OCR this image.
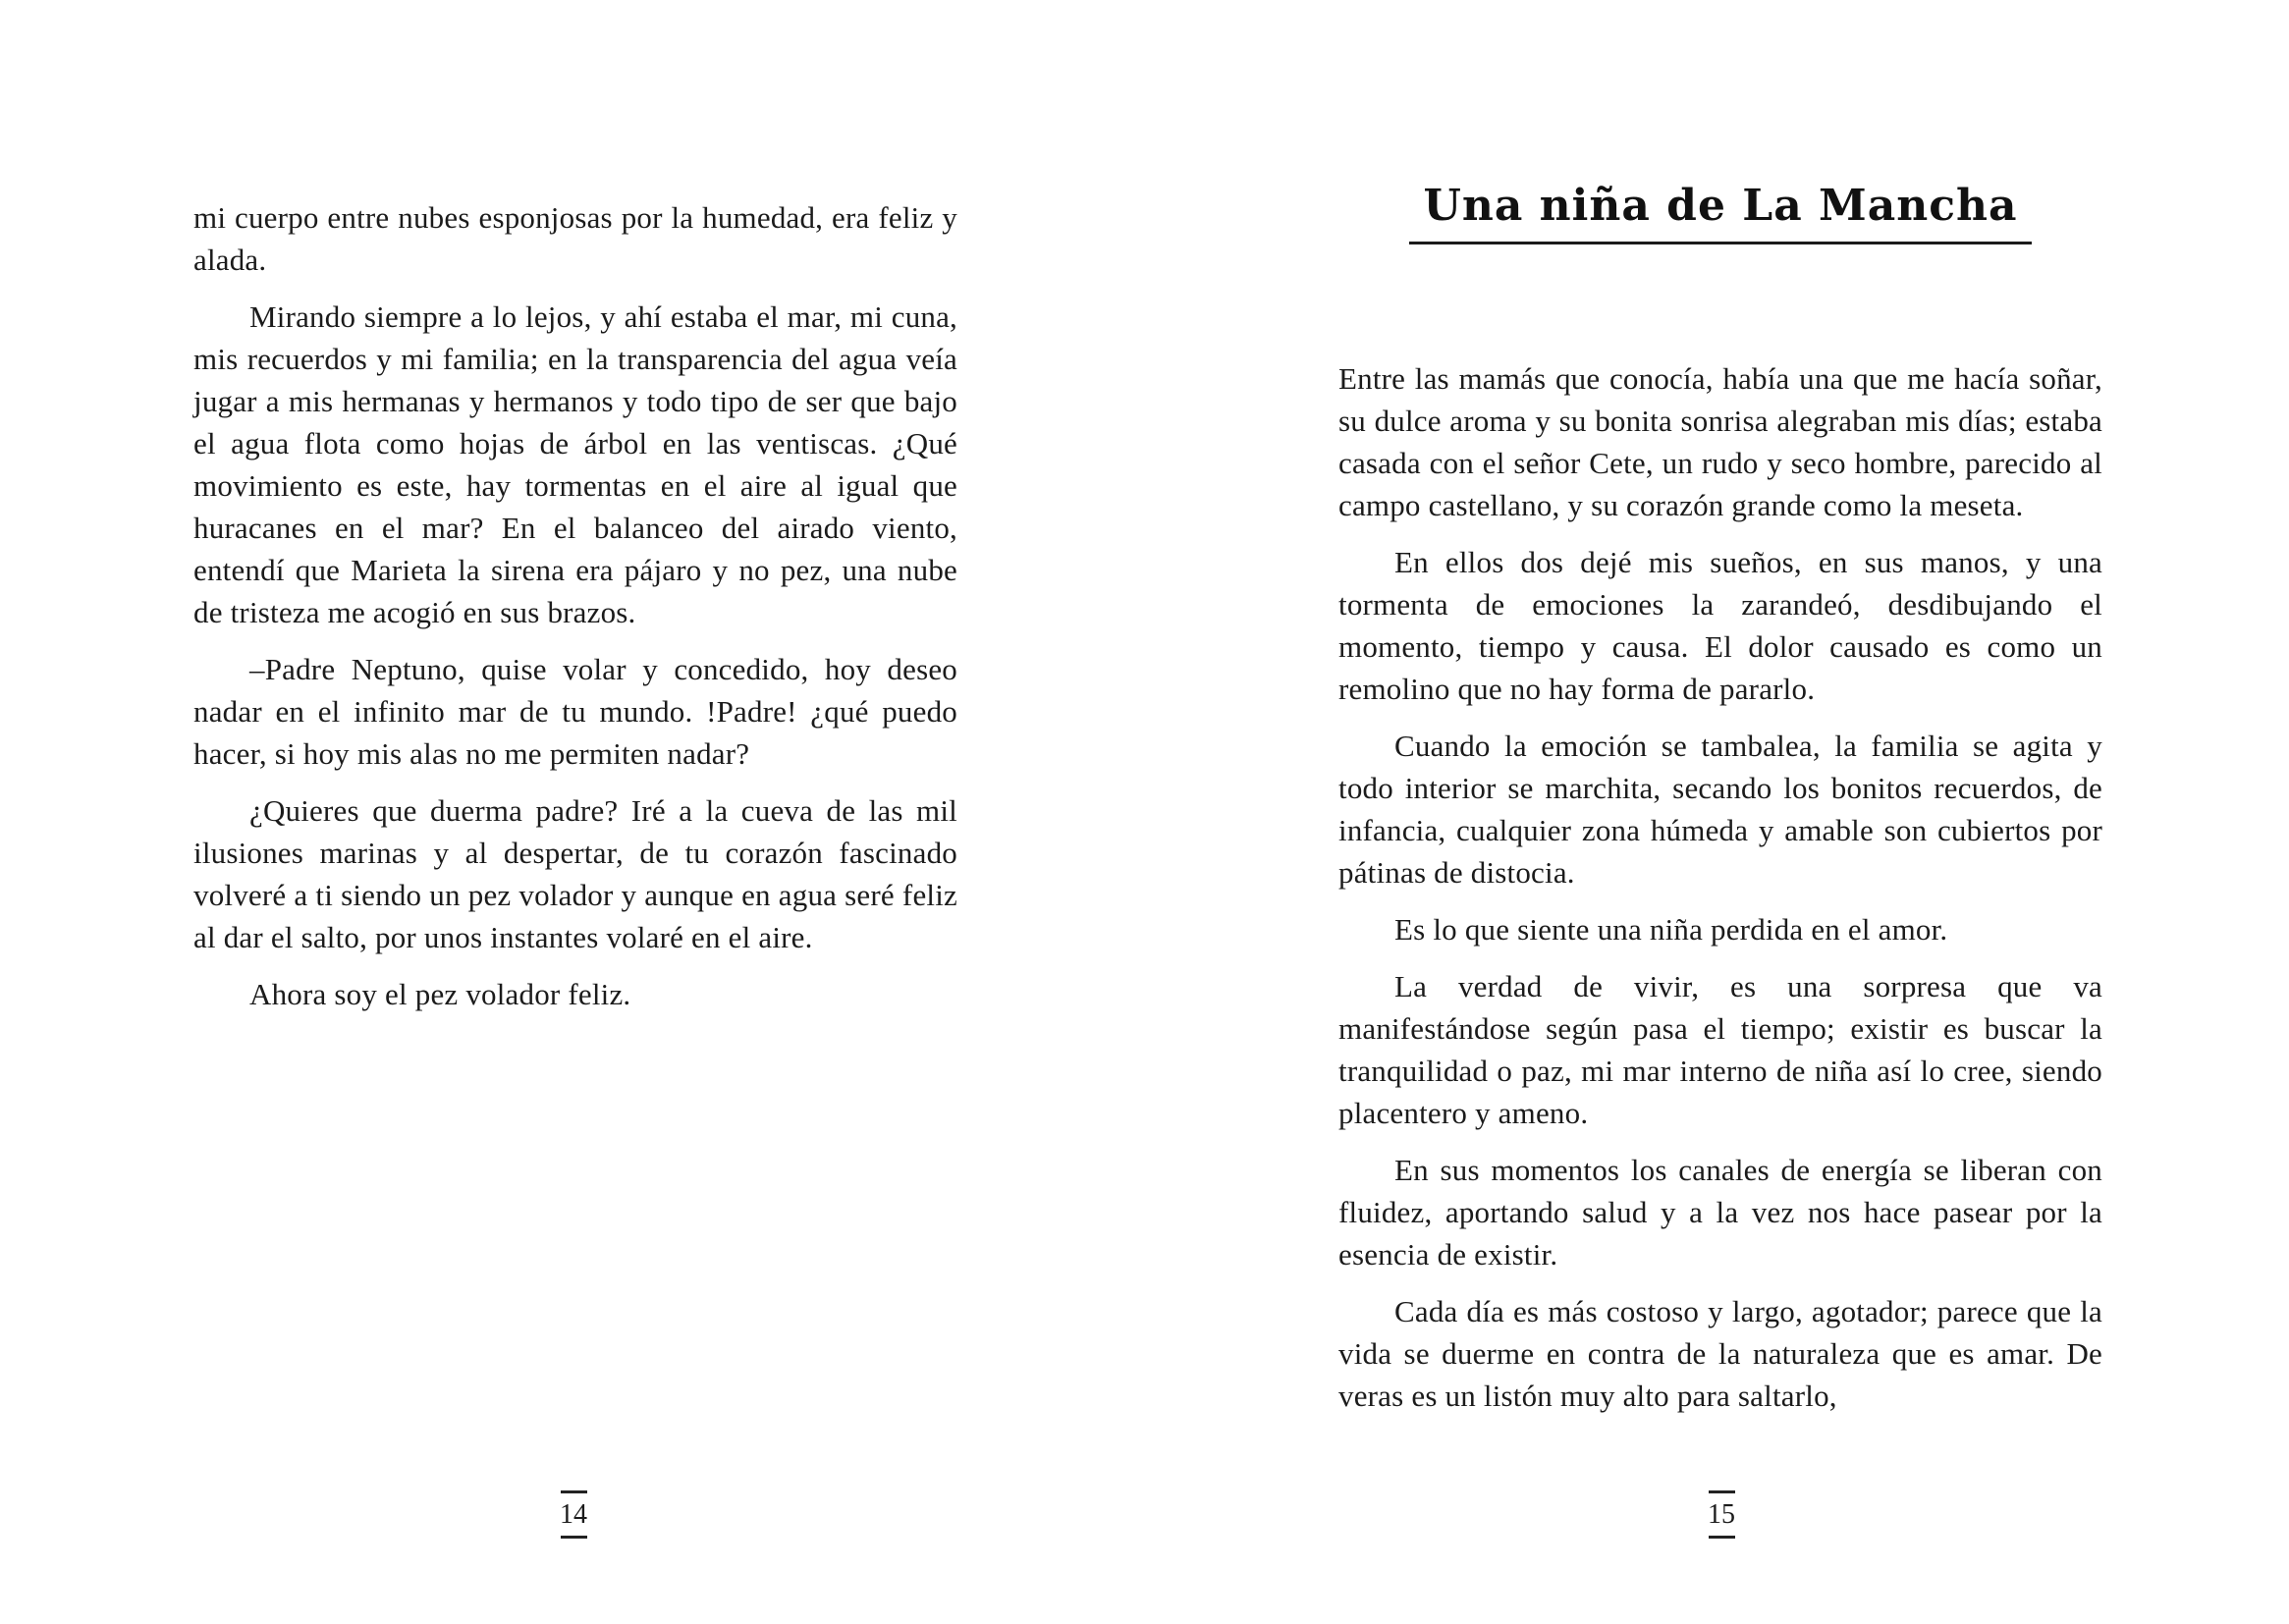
mi cuerpo entre nubes esponjosas por la humedad, era feliz y alada.

Mirando siempre a lo lejos, y ahí estaba el mar, mi cuna, mis recuerdos y mi familia; en la transparencia del agua veía jugar a mis hermanas y hermanos y todo tipo de ser que bajo el agua flota como hojas de árbol en las ventiscas. ¿Qué movimiento es este, hay tormentas en el aire al igual que huracanes en el mar? En el balanceo del airado viento, entendí que Marieta la sirena era pájaro y no pez, una nube de tristeza me acogió en sus brazos.

–Padre Neptuno, quise volar y concedido, hoy deseo nadar en el infinito mar de tu mundo. !Padre! ¿qué puedo hacer, si hoy mis alas no me permiten nadar?

¿Quieres que duerma padre? Iré a la cueva de las mil ilusiones marinas y al despertar, de tu corazón fascinado volveré a ti siendo un pez volador y aunque en agua seré feliz al dar el salto, por unos instantes volaré en el aire.

Ahora soy el pez volador feliz.

14
Una niña de La Mancha

Entre las mamás que conocía, había una que me hacía soñar, su dulce aroma y su bonita sonrisa alegraban mis días; estaba casada con el señor Cete, un rudo y seco hombre, parecido al campo castellano, y su corazón grande como la meseta.

En ellos dos dejé mis sueños, en sus manos, y una tormenta de emociones la zarandeó, desdibujando el momento, tiempo y causa. El dolor causado es como un remolino que no hay forma de pararlo.

Cuando la emoción se tambalea, la familia se agita y todo interior se marchita, secando los bonitos recuerdos, de infancia, cualquier zona húmeda y amable son cubiertos por pátinas de distocia.

Es lo que siente una niña perdida en el amor.

La verdad de vivir, es una sorpresa que va manifestándose según pasa el tiempo; existir es buscar la tranquilidad o paz, mi mar interno de niña así lo cree, siendo placentero y ameno.

En sus momentos los canales de energía se liberan con fluidez, aportando salud y a la vez nos hace pasear por la esencia de existir.

Cada día es más costoso y largo, agotador; parece que la vida se duerme en contra de la naturaleza que es amar. De veras es un listón muy alto para saltarlo,

15
